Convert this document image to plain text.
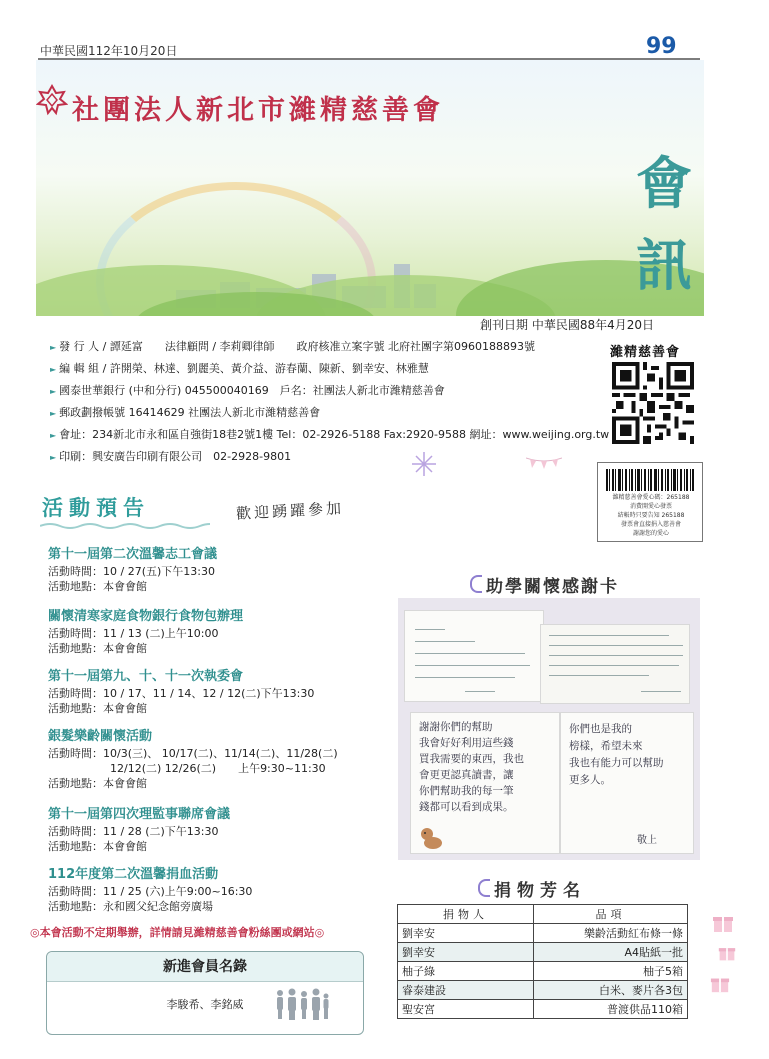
中華民國112年10月20日	99
社團法人新北市濰精慈善會
會
訊
創刊日期 中華民國88年4月20日
► 發 行 人 / 譚延富　　法律顧問 / 李莉卿律師　　政府核准立案字號 北府社團字第0960188893號
► 編 輯 組 / 許開榮、林達、劉麗美、黃介益、游春蘭、陳新、劉幸安、林雅慧
► 國泰世華銀行 (中和分行) 045500040169　戶名：社團法人新北市濰精慈善會
► 郵政劃撥帳號 16414629 社團法人新北市濰精慈善會
► 會址：234新北市永和區自強街18巷2號1樓 Tel：02-2926-5188 Fax:2920-9588 網址：www.weijing.org.tw
► 印刷：興安廣告印刷有限公司　02-2928-9801
濰精慈善會
濰精慈善會愛心碼：265188
消費開愛心發票
結帳時只要告知 265188
發票會直接捐入慈善會
謝謝您的愛心
活動預告	歡迎踴躍參加
第十一屆第二次溫馨志工會議
活動時間：10 / 27(五)下午13:30
活動地點：本會會館
關懷清寒家庭食物銀行食物包辦理
活動時間：11 / 13 (二)上午10:00
活動地點：本會會館
第十一屆第九、十、十一次執委會
活動時間：10 / 17、11 / 14、12 / 12(二)下午13:30
活動地點：本會會館
銀髮樂齡關懷活動
活動時間：10/3(三)、 10/17(二)、11/14(二)、11/28(二)
12/12(二) 12/26(二)　　上午9:30~11:30
活動地點：本會會館
第十一屆第四次理監事聯席會議
活動時間：11 / 28 (二)下午13:30
活動地點：本會會館
112年度第二次溫馨捐血活動
活動時間：11 / 25 (六)上午9:00~16:30
活動地點：永和國父紀念館旁廣場
◎本會活動不定期舉辦，詳情請見濰精慈善會粉絲團或網站◎
新進會員名錄
李駿希、李銘威
助學關懷感謝卡

謝謝你們的幫助

我會好好利用這些錢

買我需要的東西，我也

會更更認真讀書，讓

你們幫助我的每一筆

錢都可以看到成果。

你們也是我的

榜樣，希望未來

我也有能力可以幫助

更多人。

敬上

捐物芳名
捐物人	品項
劉幸安	樂齡活動紅布條一條
劉幸安	A4貼紙一批
柚子綠	柚子5箱
睿泰建設	白米、麥片各3包
聖安宮	普渡供品110箱
